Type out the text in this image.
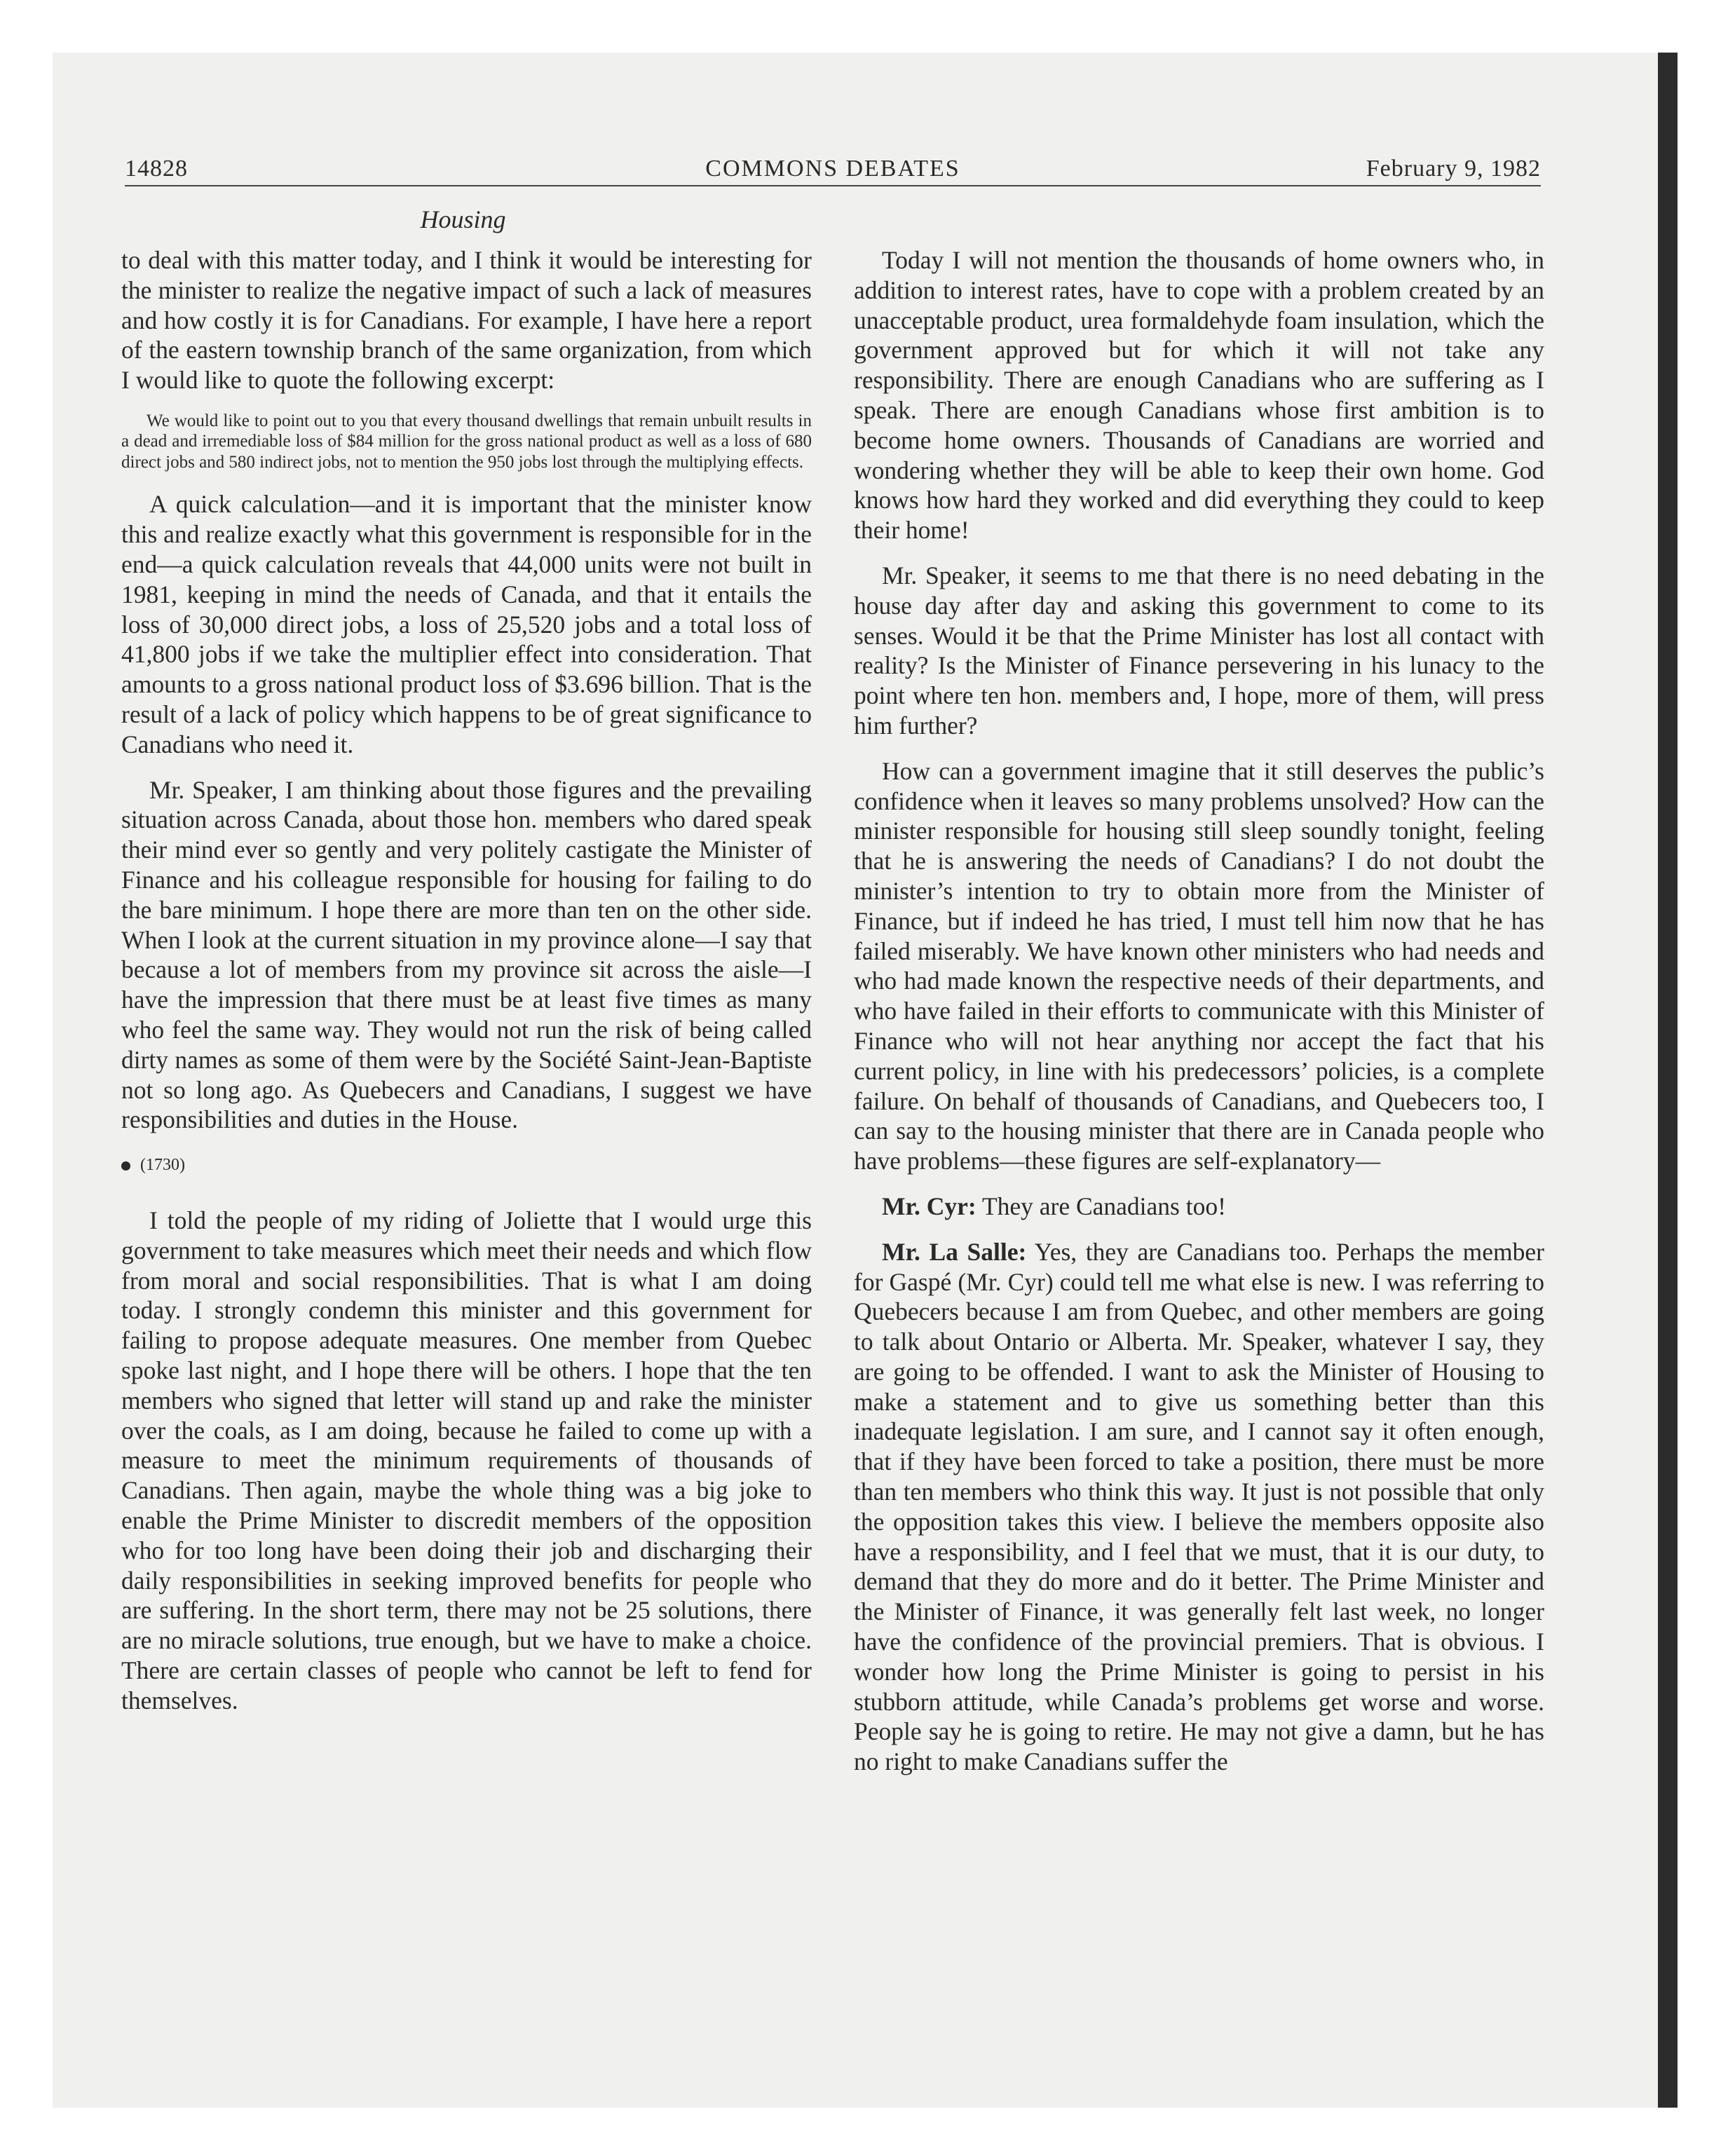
14828	COMMONS DEBATES	February 9, 1982
Housing

to deal with this matter today, and I think it would be interesting for the minister to realize the negative impact of such a lack of measures and how costly it is for Canadians. For example, I have here a report of the eastern township branch of the same organization, from which I would like to quote the following excerpt:

We would like to point out to you that every thousand dwellings that remain unbuilt results in a dead and irremediable loss of $84 million for the gross national product as well as a loss of 680 direct jobs and 580 indirect jobs, not to mention the 950 jobs lost through the multiplying effects.

A quick calculation—and it is important that the minister know this and realize exactly what this government is responsible for in the end—a quick calculation reveals that 44,000 units were not built in 1981, keeping in mind the needs of Canada, and that it entails the loss of 30,000 direct jobs, a loss of 25,520 jobs and a total loss of 41,800 jobs if we take the multiplier effect into consideration. That amounts to a gross national product loss of $3.696 billion. That is the result of a lack of policy which happens to be of great significance to Canadians who need it.

Mr. Speaker, I am thinking about those figures and the prevailing situation across Canada, about those hon. members who dared speak their mind ever so gently and very politely castigate the Minister of Finance and his colleague responsible for housing for failing to do the bare minimum. I hope there are more than ten on the other side. When I look at the current situation in my province alone—I say that because a lot of members from my province sit across the aisle—I have the impression that there must be at least five times as many who feel the same way. They would not run the risk of being called dirty names as some of them were by the Société Saint-Jean-Baptiste not so long ago. As Quebecers and Canadians, I suggest we have responsibilities and duties in the House.

(1730)

I told the people of my riding of Joliette that I would urge this government to take measures which meet their needs and which flow from moral and social responsibilities. That is what I am doing today. I strongly condemn this minister and this government for failing to propose adequate measures. One member from Quebec spoke last night, and I hope there will be others. I hope that the ten members who signed that letter will stand up and rake the minister over the coals, as I am doing, because he failed to come up with a measure to meet the minimum requirements of thousands of Canadians. Then again, maybe the whole thing was a big joke to enable the Prime Minister to discredit members of the opposition who for too long have been doing their job and discharging their daily responsibilities in seeking improved benefits for people who are suffering. In the short term, there may not be 25 solutions, there are no miracle solutions, true enough, but we have to make a choice. There are certain classes of people who cannot be left to fend for themselves.

Today I will not mention the thousands of home owners who, in addition to interest rates, have to cope with a problem created by an unacceptable product, urea formaldehyde foam insulation, which the government approved but for which it will not take any responsibility. There are enough Canadians who are suffering as I speak. There are enough Canadians whose first ambition is to become home owners. Thousands of Canadians are worried and wondering whether they will be able to keep their own home. God knows how hard they worked and did everything they could to keep their home!

Mr. Speaker, it seems to me that there is no need debating in the house day after day and asking this government to come to its senses. Would it be that the Prime Minister has lost all contact with reality? Is the Minister of Finance persevering in his lunacy to the point where ten hon. members and, I hope, more of them, will press him further?

How can a government imagine that it still deserves the public’s confidence when it leaves so many problems unsolved? How can the minister responsible for housing still sleep soundly tonight, feeling that he is answering the needs of Canadians? I do not doubt the minister’s intention to try to obtain more from the Minister of Finance, but if indeed he has tried, I must tell him now that he has failed miserably. We have known other ministers who had needs and who had made known the respective needs of their departments, and who have failed in their efforts to communicate with this Minister of Finance who will not hear anything nor accept the fact that his current policy, in line with his predecessors’ policies, is a complete failure. On behalf of thousands of Canadians, and Quebecers too, I can say to the housing minister that there are in Canada people who have problems—these figures are self-explanatory—

Mr. Cyr: They are Canadians too!

Mr. La Salle: Yes, they are Canadians too. Perhaps the member for Gaspé (Mr. Cyr) could tell me what else is new. I was referring to Quebecers because I am from Quebec, and other members are going to talk about Ontario or Alberta. Mr. Speaker, whatever I say, they are going to be offended. I want to ask the Minister of Housing to make a statement and to give us something better than this inadequate legislation. I am sure, and I cannot say it often enough, that if they have been forced to take a position, there must be more than ten members who think this way. It just is not possible that only the opposition takes this view. I believe the members opposite also have a responsibility, and I feel that we must, that it is our duty, to demand that they do more and do it better. The Prime Minister and the Minister of Finance, it was generally felt last week, no longer have the confidence of the provincial premiers. That is obvious. I wonder how long the Prime Minister is going to persist in his stubborn attitude, while Canada’s problems get worse and worse. People say he is going to retire. He may not give a damn, but he has no right to make Canadians suffer the
